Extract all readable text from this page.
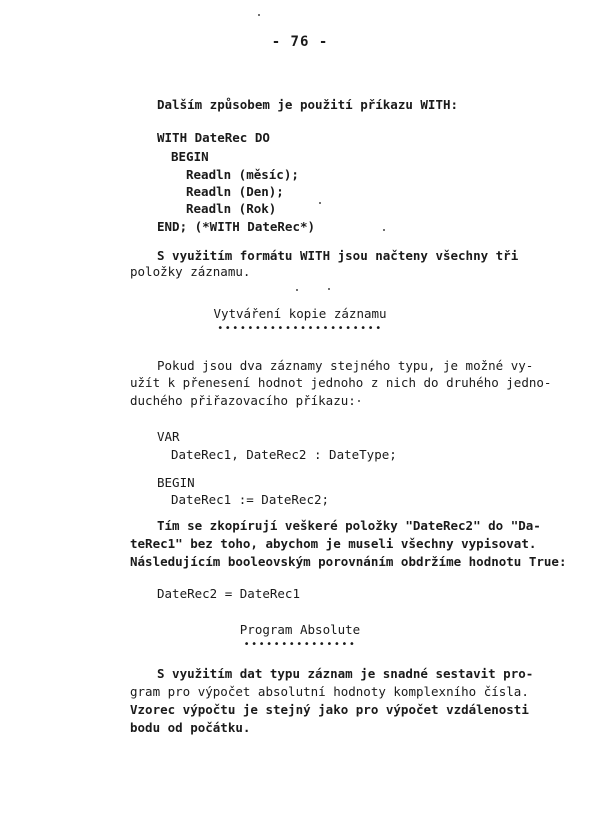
- 76 -
Dalším způsobem je použití příkazu WITH:
WITH DateRec DO
BEGIN
Readln (měsíc);
Readln (Den);
Readln (Rok)
END; (*WITH DateRec*)
S využitím formátu WITH jsou načteny všechny tři
položky záznamu.
Vytváření kopie záznamu
••••••••••••••••••••••
Pokud jsou dva záznamy stejného typu, je možné vy-
užít k přenesení hodnot jednoho z nich do druhého jedno-
duchého přiřazovacího příkazu:
VAR
DateRec1, DateRec2 : DateType;
BEGIN
DateRec1 := DateRec2;
Tím se zkopírují veškeré položky "DateRec2" do "Da-
teRec1" bez toho, abychom je museli všechny vypisovat.
Následujícím booleovským porovnáním obdržíme hodnotu True:
DateRec2 = DateRec1
Program Absolute
•••••••••••••••
S využitím dat typu záznam je snadné sestavit pro-
gram pro výpočet absolutní hodnoty komplexního čísla.
Vzorec výpočtu je stejný jako pro výpočet vzdálenosti
bodu od počátku.
